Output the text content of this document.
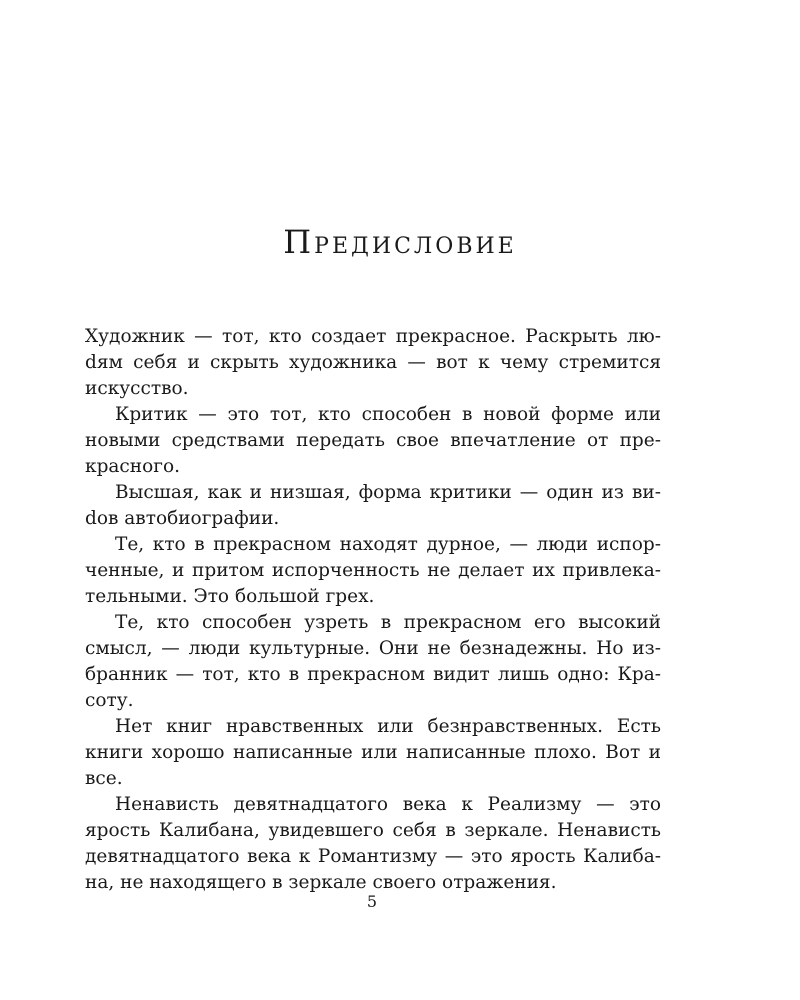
Предисловие

Художник — тот, кто создает прекрасное. Раскрыть люdям себя и скрыть художника — вот к чему стремится искусство.

Критик — это тот, кто способен в новой форме или новыми средствами передать свое впечатление от прекрасного.

Высшая, как и низшая, форма критики — один из виdов автобиографии.

Те, кто в прекрасном находят дурное, — люди испорченные, и притом испорченность не делает их привлекательными. Это большой грех.

Те, кто способен узреть в прекрасном его высокий смысл, — люди культурные. Они не безнадежны. Но избранник — тот, кто в прекрасном видит лишь одно: Красоту.

Нет книг нравственных или безнравственных. Есть книги хорошо написанные или написанные плохо. Вот и все.

Ненависть девятнадцатого века к Реализму — это ярость Калибана, увидевшего себя в зеркале. Ненависть девятнадцатого века к Романтизму — это ярость Калибана, не находящего в зеркале своего отражения.

5
